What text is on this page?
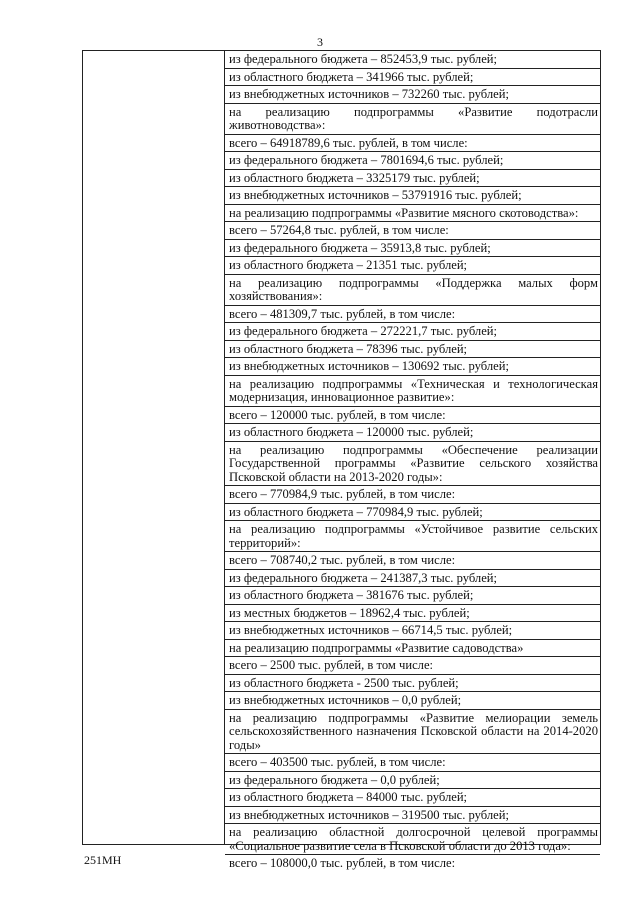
3
из федерального бюджета – 852453,9 тыс. рублей;
из областного бюджета – 341966 тыс. рублей;
из внебюджетных источников – 732260 тыс. рублей;
на реализацию подпрограммы «Развитие подотрасли животноводства»:
всего – 64918789,6 тыс. рублей, в том числе:
из федерального бюджета – 7801694,6 тыс. рублей;
из областного бюджета – 3325179 тыс. рублей;
из внебюджетных источников – 53791916 тыс. рублей;
на реализацию подпрограммы «Развитие мясного скотоводства»:
всего – 57264,8 тыс. рублей, в том числе:
из федерального бюджета – 35913,8 тыс. рублей;
из областного бюджета – 21351 тыс. рублей;
на реализацию подпрограммы «Поддержка малых форм хозяйствования»:
всего – 481309,7 тыс. рублей, в том числе:
из федерального бюджета – 272221,7 тыс. рублей;
из областного бюджета – 78396 тыс. рублей;
из внебюджетных источников – 130692 тыс. рублей;
на реализацию подпрограммы «Техническая и технологическая модернизация, инновационное развитие»:
всего – 120000 тыс. рублей, в том числе:
из областного бюджета – 120000 тыс. рублей;
на реализацию подпрограммы «Обеспечение реализации Государственной программы «Развитие сельского хозяйства Псковской области на 2013-2020 годы»:
всего – 770984,9 тыс. рублей, в том числе:
из областного бюджета – 770984,9 тыс. рублей;
на реализацию подпрограммы «Устойчивое развитие сельских территорий»:
всего – 708740,2 тыс. рублей, в том числе:
из федерального бюджета – 241387,3 тыс. рублей;
из областного бюджета – 381676 тыс. рублей;
из местных бюджетов – 18962,4 тыс. рублей;
из внебюджетных источников – 66714,5 тыс. рублей;
на реализацию подпрограммы «Развитие садоводства»
всего – 2500 тыс. рублей, в том числе:
из областного бюджета - 2500 тыс. рублей;
из внебюджетных источников – 0,0 рублей;
на реализацию подпрограммы «Развитие мелиорации земель сельскохозяйственного назначения Псковской области на 2014-2020 годы»
всего – 403500 тыс. рублей, в том числе:
из федерального бюджета – 0,0 рублей;
из областного бюджета – 84000 тыс. рублей;
из внебюджетных источников – 319500 тыс. рублей;
на реализацию областной долгосрочной целевой программы «Социальное развитие села в Псковской области до 2013 года»:
всего – 108000,0 тыс. рублей, в том числе:
251МН
